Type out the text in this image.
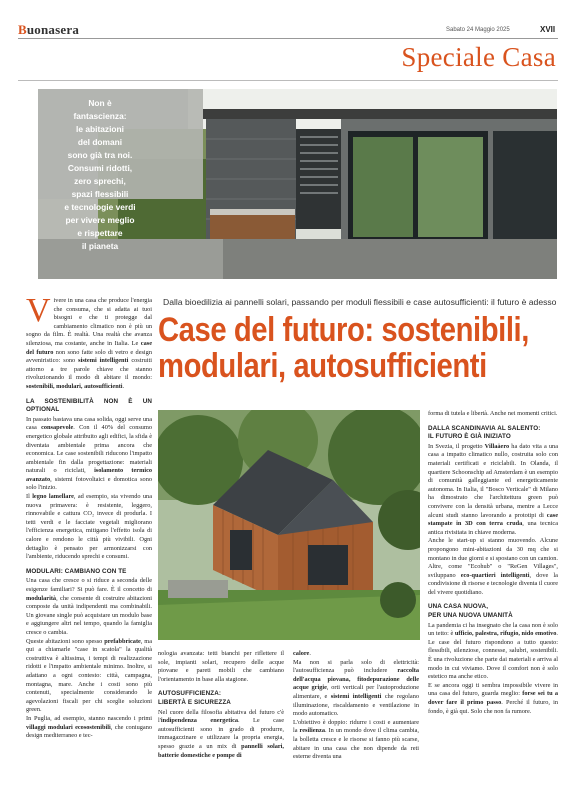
Buonasera	Sabato 24 Maggio 2025	XVII
Speciale Casa
Non è
fantascienza:
le abitazioni
del domani
sono già tra noi.
Consumi ridotti,
zero sprechi,
spazi flessibili
e tecnologie verdi
per vivere meglio
e rispettare
il pianeta
Dalla bioedilizia ai pannelli solari, passando per moduli flessibili e case autosufficienti: il futuro è adesso
Case del futuro: sostenibili,
modulari, autosufficienti

Vivere in una casa che produce l'energia che consuma, che si adatta ai tuoi bisogni e che ti protegge dal cambiamento climatico non è più un sogno da film. È realtà. Una realtà che avanza silenziosa, ma costante, anche in Italia. Le case del futuro non sono fatte solo di vetro e design avveniristico: sono sistemi intelligenti costruiti attorno a tre parole chiave che stanno rivoluzionando il modo di abitare il mondo: sostenibili, modulari, autosufficienti.

LA SOSTENIBILITÀ NON È UN OPTIONAL

In passato bastava una casa solida, oggi serve una casa consapevole. Con il 40% del consumo energetico globale attribuito agli edifici, la sfida è diventata ambientale prima ancora che economica. Le case sostenibili riducono l'impatto ambientale fin dalla progettazione: materiali naturali o riciclati, isolamento termico avanzato, sistemi fotovoltaici e domotica sono solo l'inizio.

Il legno lamellare, ad esempio, sta vivendo una nuova primavera: è resistente, leggero, rinnovabile e cattura CO₂ invece di produrla. I tetti verdi e le facciate vegetali migliorano l'efficienza energetica, mitigano l'effetto isola di calore e rendono le città più vivibili. Ogni dettaglio è pensato per armonizzarsi con l'ambiente, riducendo sprechi e consumi.

MODULARI: CAMBIANO CON TE

Una casa che cresce o si riduce a seconda delle esigenze familiari? Si può fare. È il concetto di modularità, che consente di costruire abitazioni composte da unità indipendenti ma combinabili. Un giovane single può acquistare un modulo base e aggiungere altri nel tempo, quando la famiglia cresce o cambia.

Queste abitazioni sono spesso prefabbricate, ma qui a chiamarle "case in scatola" la qualità costruttiva è altissima, i tempi di realizzazione ridotti e l'impatto ambientale minimo. Inoltre, si adattano a ogni contesto: città, campagna, montagna, mare. Anche i costi sono più contenuti, specialmente considerando le agevolazioni fiscali per chi sceglie soluzioni green.

In Puglia, ad esempio, stanno nascendo i primi villaggi modulari ecosostenibili, che coniugano design mediterraneo e tec-

nologia avanzata: tetti bianchi per riflettere il sole, impianti solari, recupero delle acque piovane e pareti mobili che cambiano l'orientamento in base alla stagione.

AUTOSUFFICIENZA:
LIBERTÀ E SICUREZZA

Nel cuore della filosofia abitativa del futuro c'è l'indipendenza energetica. Le case autosufficienti sono in grado di produrre, immagazzinare e utilizzare la propria energia, spesso grazie a un mix di pannelli solari, batterie domestiche e pompe di

calore.

Ma non si parla solo di elettricità: l'autosufficienza può includere raccolta dell'acqua piovana, fitodepurazione delle acque grigie, orti verticali per l'autoproduzione alimentare, e sistemi intelligenti che regolano illuminazione, riscaldamento e ventilazione in modo automatico.

L'obiettivo è doppio: ridurre i costi e aumentare la resilienza. In un mondo dove il clima cambia, la bolletta cresce e le risorse si fanno più scarse, abitare in una casa che non dipende da reti esterne diventa una

forma di tutela e libertà. Anche nei momenti critici.

DALLA SCANDINAVIA AL SALENTO:
IL FUTURO È GIÀ INIZIATO

In Svezia, il progetto Villaåero ha dato vita a una casa a impatto climatico nullo, costruita solo con materiali certificati e riciclabili. In Olanda, il quartiere Schoonschip ad Amsterdam è un esempio di comunità galleggiante ed energeticamente autonoma. In Italia, il "Bosco Verticale" di Milano ha dimostrato che l'architettura green può convivere con la densità urbana, mentre a Lecce alcuni studi stanno lavorando a prototipi di case stampate in 3D con terra cruda, una tecnica antica rivisitata in chiave moderna.

Anche le start-up si stanno muovendo. Alcune propongono mini-abitazioni da 30 mq che si montano in due giorni e si spostano con un camion. Altre, come "Ecohub" o "ReGen Villages", sviluppano eco-quartieri intelligenti, dove la condivisione di risorse e tecnologie diventa il cuore del vivere quotidiano.

UNA CASA NUOVA,
PER UNA NUOVA UMANITÀ

La pandemia ci ha insegnato che la casa non è solo un tetto: è ufficio, palestra, rifugio, nido emotivo. Le case del futuro rispondono a tutto questo: flessibili, silenziose, connesse, salubri, sostenibili. È una rivoluzione che parte dai materiali e arriva al modo in cui viviamo. Dove il comfort non è solo estetico ma anche etico.

E se ancora oggi ti sembra impossibile vivere in una casa del futuro, guarda meglio: forse sei tu a dover fare il primo passo. Perché il futuro, in fondo, è già qui. Solo che non fa rumore.
